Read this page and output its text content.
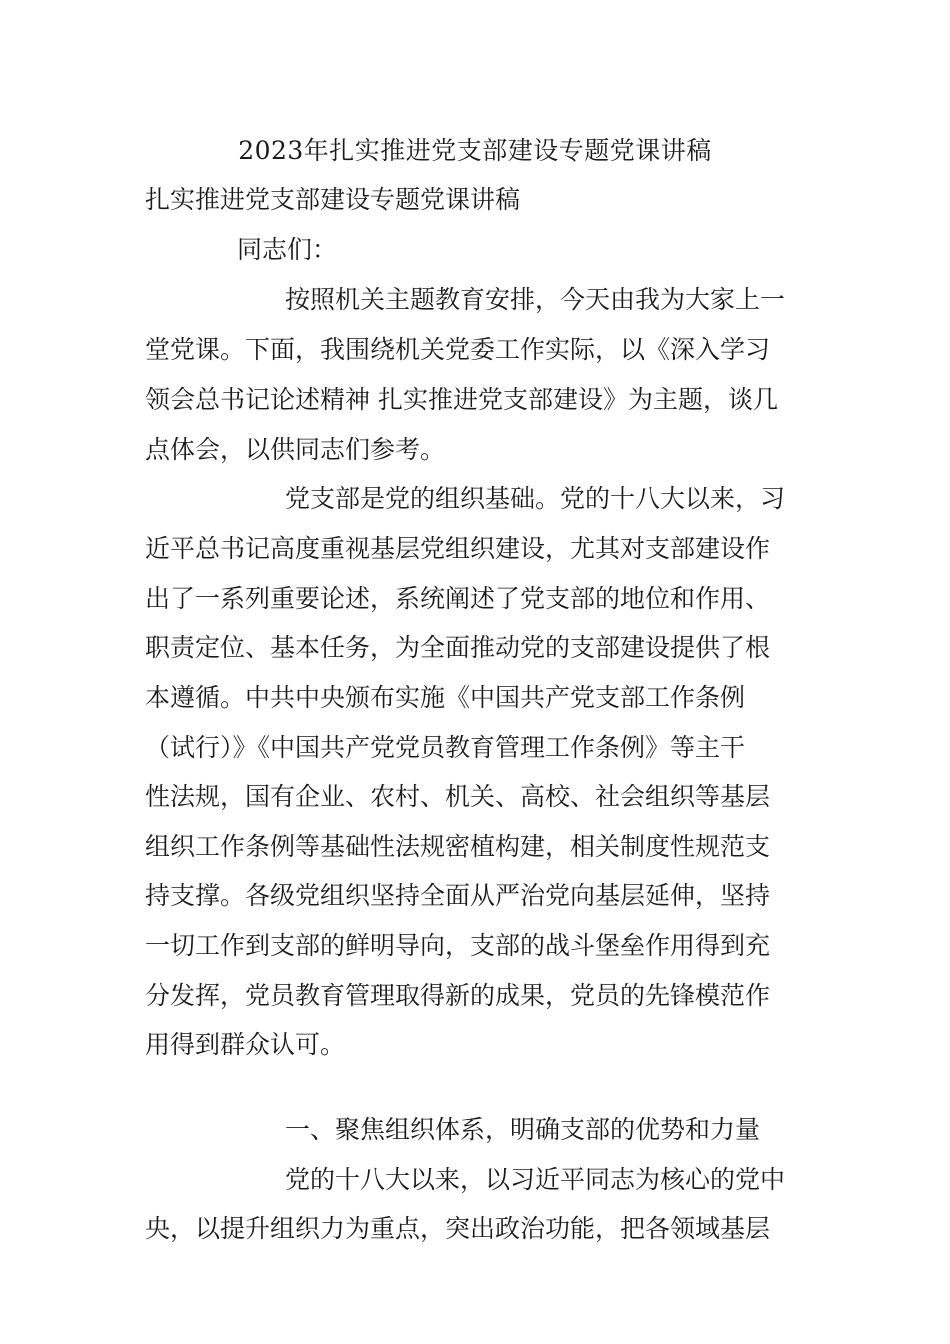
2023年扎实推进党支部建设专题党课讲稿
扎实推进党支部建设专题党课讲稿
同志们：
按照机关主题教育安排，今天由我为大家上一
堂党课。下面，我围绕机关党委工作实际，以《深入学习
领会总书记论述精神 扎实推进党支部建设》为主题，谈几
点体会，以供同志们参考。
党支部是党的组织基础。党的十八大以来，习
近平总书记高度重视基层党组织建设，尤其对支部建设作
出了一系列重要论述，系统阐述了党支部的地位和作用、
职责定位、基本任务，为全面推动党的支部建设提供了根
本遵循。中共中央颁布实施《中国共产党支部工作条例
（试行）》《中国共产党党员教育管理工作条例》等主干
性法规，国有企业、农村、机关、高校、社会组织等基层
组织工作条例等基础性法规密植构建，相关制度性规范支
持支撑。各级党组织坚持全面从严治党向基层延伸，坚持
一切工作到支部的鲜明导向，支部的战斗堡垒作用得到充
分发挥，党员教育管理取得新的成果，党员的先锋模范作
用得到群众认可。
一、聚焦组织体系，明确支部的优势和力量
党的十八大以来，以习近平同志为核心的党中
央，以提升组织力为重点，突出政治功能，把各领域基层
